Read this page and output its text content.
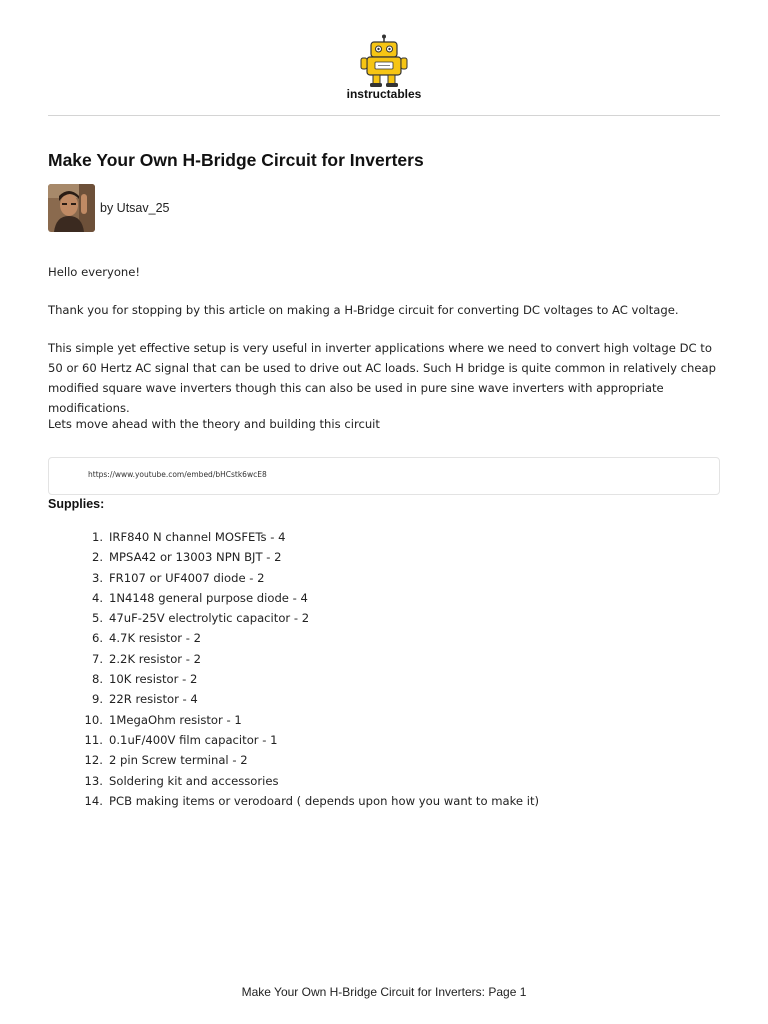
instructables
Make Your Own H-Bridge Circuit for Inverters
by Utsav_25

Hello everyone!

Thank you for stopping by this article on making a H-Bridge circuit for converting DC voltages to AC voltage.

This simple yet effective setup is very useful in inverter applications where we need to convert high voltage DC to 50 or 60 Hertz AC signal that can be used to drive out AC loads. Such H bridge is quite common in relatively cheap modified square wave inverters though this can also be used in pure sine wave inverters with appropriate modifications.

Lets move ahead with the theory and building this circuit

https://www.youtube.com/embed/bHCstk6wcE8
Supplies:
1. IRF840 N channel MOSFETs - 4
2. MPSA42 or 13003 NPN BJT - 2
3. FR107 or UF4007 diode - 2
4. 1N4148 general purpose diode - 4
5. 47uF-25V electrolytic capacitor - 2
6. 4.7K resistor - 2
7. 2.2K resistor - 2
8. 10K resistor - 2
9. 22R resistor - 4
10. 1MegaOhm resistor - 1
11. 0.1uF/400V film capacitor - 1
12. 2 pin Screw terminal - 2
13. Soldering kit and accessories
14. PCB making items or verodoard ( depends upon how you want to make it)
Make Your Own H-Bridge Circuit for Inverters: Page 1
